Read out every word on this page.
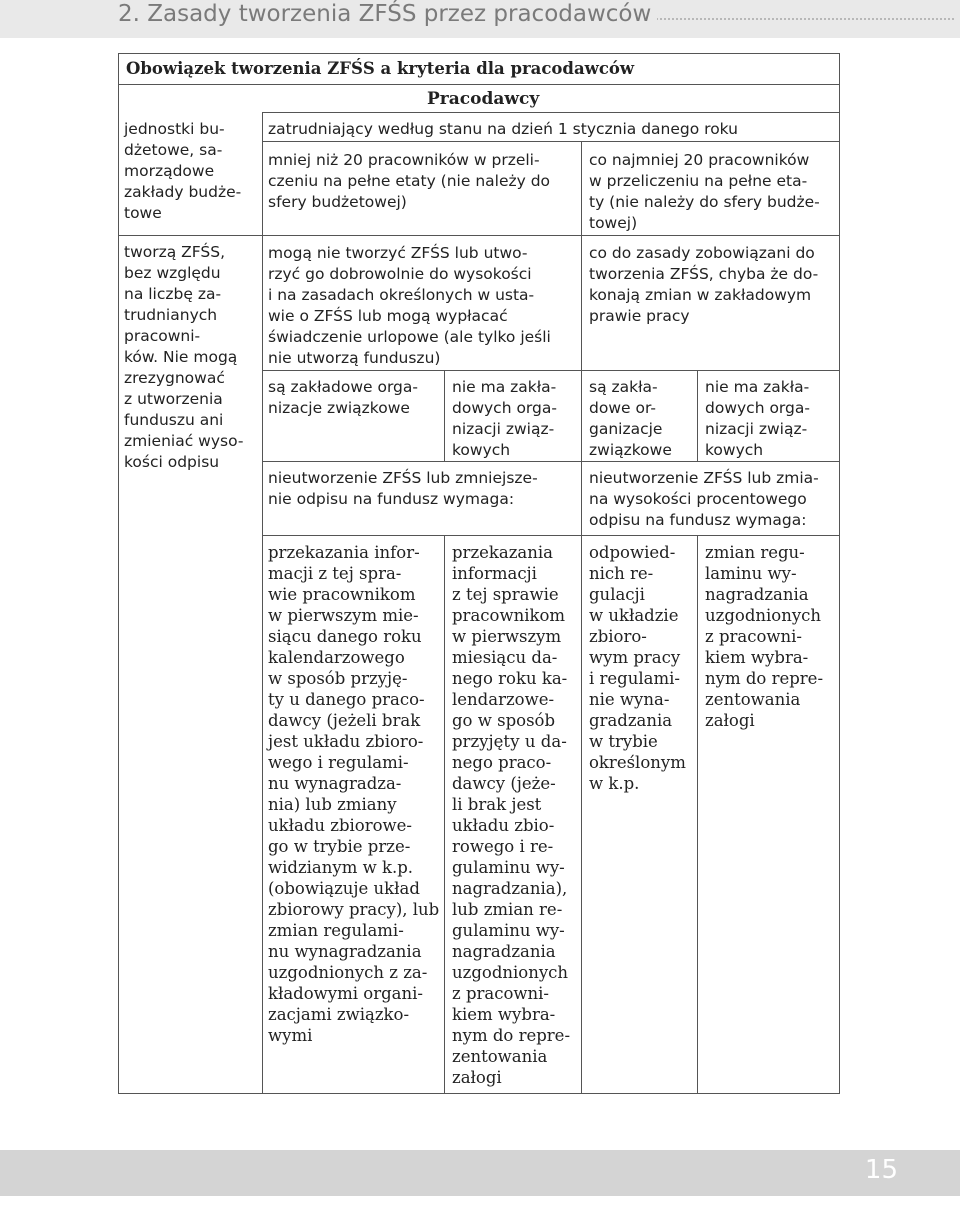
2. Zasady tworzenia ZFŚS przez pracodawców
Obowiązek tworzenia ZFŚS a kryteria dla pracodawców
Pracodawcy
jednostki bu-
dżetowe, sa-
morządowe
zakłady budże-
towe
tworzą ZFŚS,
bez względu
na liczbę za-
trudnianych
pracowni-
ków. Nie mogą
zrezygnować
z utworzenia
funduszu ani
zmieniać wyso-
kości odpisu
zatrudniający według stanu na dzień 1 stycznia danego roku
mniej niż 20 pracowników w przeli-
czeniu na pełne etaty (nie należy do
sfery budżetowej)
mogą nie tworzyć ZFŚS lub utwo-
rzyć go dobrowolnie do wysokości
i na zasadach określonych w usta-
wie o ZFŚS lub mogą wypłacać
świadczenie urlopowe (ale tylko jeśli
nie utworzą funduszu)
są zakładowe orga-
nizacje związkowe
nie ma zakła-
dowych orga-
nizacji związ-
kowych
nieutworzenie ZFŚS lub zmniejsze-
nie odpisu na fundusz wymaga:
przekazania infor-
macji z tej spra-
wie pracownikom
w pierwszym mie-
siącu danego roku
kalendarzowego
w sposób przyję-
ty u danego praco-
dawcy (jeżeli brak
jest układu zbioro-
wego i regulami-
nu wynagradza-
nia) lub zmiany
układu zbiorowe-
go w trybie prze-
widzianym w k.p.
(obowiązuje układ
zbiorowy pracy), lub
zmian regulami-
nu wynagradzania
uzgodnionych z za-
kładowymi organi-
zacjami związko-
wymi
przekazania
informacji
z tej sprawie
pracownikom
w pierwszym
miesiącu da-
nego roku ka-
lendarzowe-
go w sposób
przyjętу u da-
nego praco-
dawcy (jeże-
li brak jest
układu zbio-
rowego i re-
gulaminu wy-
nagradzania),
lub zmian re-
gulaminu wy-
nagradzania
uzgodnionych
z pracowni-
kiem wybra-
nym do repre-
zentowania
załogi
co najmniej 20 pracowników
w przeliczeniu na pełne eta-
ty (nie należy do sfery budże-
towej)
co do zasady zobowiązani do
tworzenia ZFŚS, chyba że do-
konają zmian w zakładowym
prawie pracy
są zakła-
dowe or-
ganizacje
związkowe
nie ma zakła-
dowych orga-
nizacji związ-
kowych
nieutworzenie ZFŚS lub zmia-
na wysokości procentowego
odpisu na fundusz wymaga:
odpowied-
nich re-
gulacji
w układzie
zbioro-
wym pracy
i regulami-
nie wyna-
gradzania
w trybie
określonym
w k.p.
zmian regu-
laminu wy-
nagradzania
uzgodnionych
z pracowni-
kiem wybra-
nym do repre-
zentowania
załogi
15
